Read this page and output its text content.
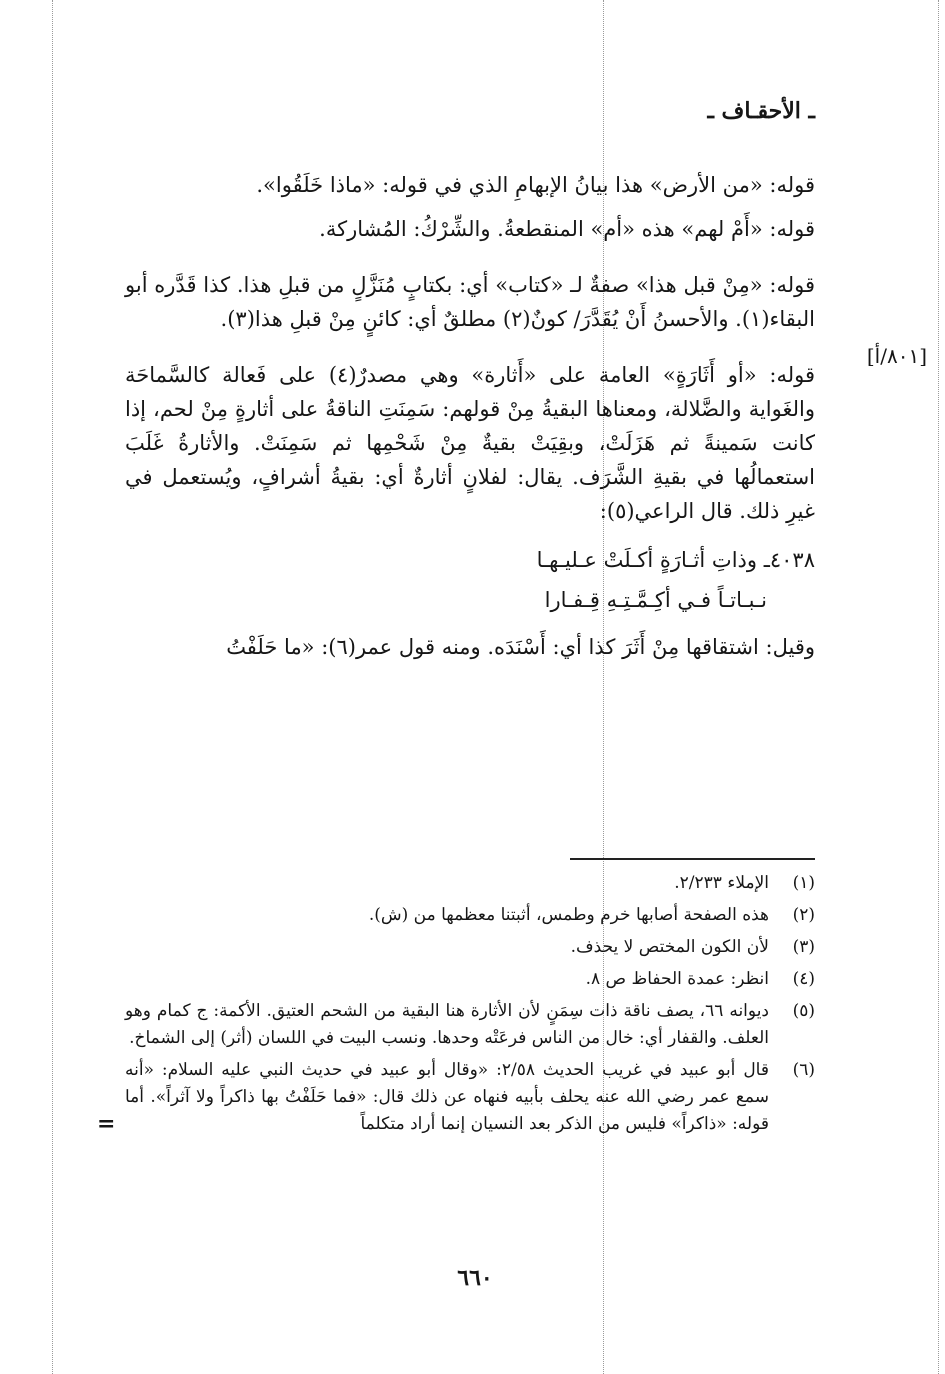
ـ الأحقـاف ـ
[٨٠١/أ]

قوله: «من الأرض» هذا بيانُ الإبهامِ الذي في قوله: «ماذا خَلَقُوا».

قوله: «أَمْ لهم» هذه «أم» المنقطعةُ. والشِّرْكُ: المُشاركة.

قوله: «مِنْ قبل هذا» صفةٌ لـ «كتاب» أي: بكتابٍ مُنَزَّلٍ من قبلِ هذا. كذا قَدَّره أبو البقاء(١). والأحسنُ أَنْ يُقَدَّرَ/ كونٌ(٢) مطلقٌ أي: كائنٍ مِنْ قبلِ هذا(٣).

قوله: «أو أَثَارَةٍ» العامة على «أَثارة» وهي مصدرٌ(٤) على فَعالة كالسَّماحَة والغَواية والضَّلالة، ومعناها البقيةُ مِنْ قولهم: سَمِنَتِ الناقةُ على أثارةٍ مِنْ لحم، إذا كانت سَمينةً ثم هَزَلَتْ، وبقِيَتْ بقيةٌ مِنْ شَحْمِها ثم سَمِنَتْ. والأثارةُ غَلَبَ استعمالُها في بقيةِ الشَّرَف. يقال: لفلانٍ أثارةٌ أي: بقيةُ أشرافٍ، ويُستعمل في غيرِ ذلك. قال الراعي(٥):

٤٠٣٨ـ وذاتِ أثـارَةٍ أكـلَتْ عـليـهـا
نـبـاتـاً فـي أكِـمَّـتِـهِ قِـفـارا

وقيل: اشتقاقها مِنْ أَثَرَ كذا أي: أَسْنَدَه. ومنه قول عمر(٦): «ما حَلَفْتُ

(١)
الإملاء ٢/٢٣٣.
(٢)
هذه الصفحة أصابها خرم وطمس، أثبتنا معظمها من (ش).
(٣)
لأن الكون المختص لا يحذف.
(٤)
انظر: عمدة الحفاظ ص ٨.
(٥)
ديوانه ٦٦، يصف ناقة ذات سِمَنٍ لأن الأثارة هنا البقية من الشحم العتيق. الأكمة: ج كمام وهو العلف. والقفار أي: خال من الناس فرعَتْه وحدها. ونسب البيت في اللسان (أثر) إلى الشماخ.
(٦)
قال أبو عبيد في غريب الحديث ٢/٥٨: «وقال أبو عبيد في حديث النبي عليه السلام: «أنه سمع عمر رضي الله عنه يحلف بأبيه فنهاه عن ذلك قال: «فما حَلَفْتُ بها ذاكراً ولا آثراً». أما قوله: «ذاكراً» فليس من الذكر بعد النسيان إنما أراد متكلماً
=
٦٦٠
